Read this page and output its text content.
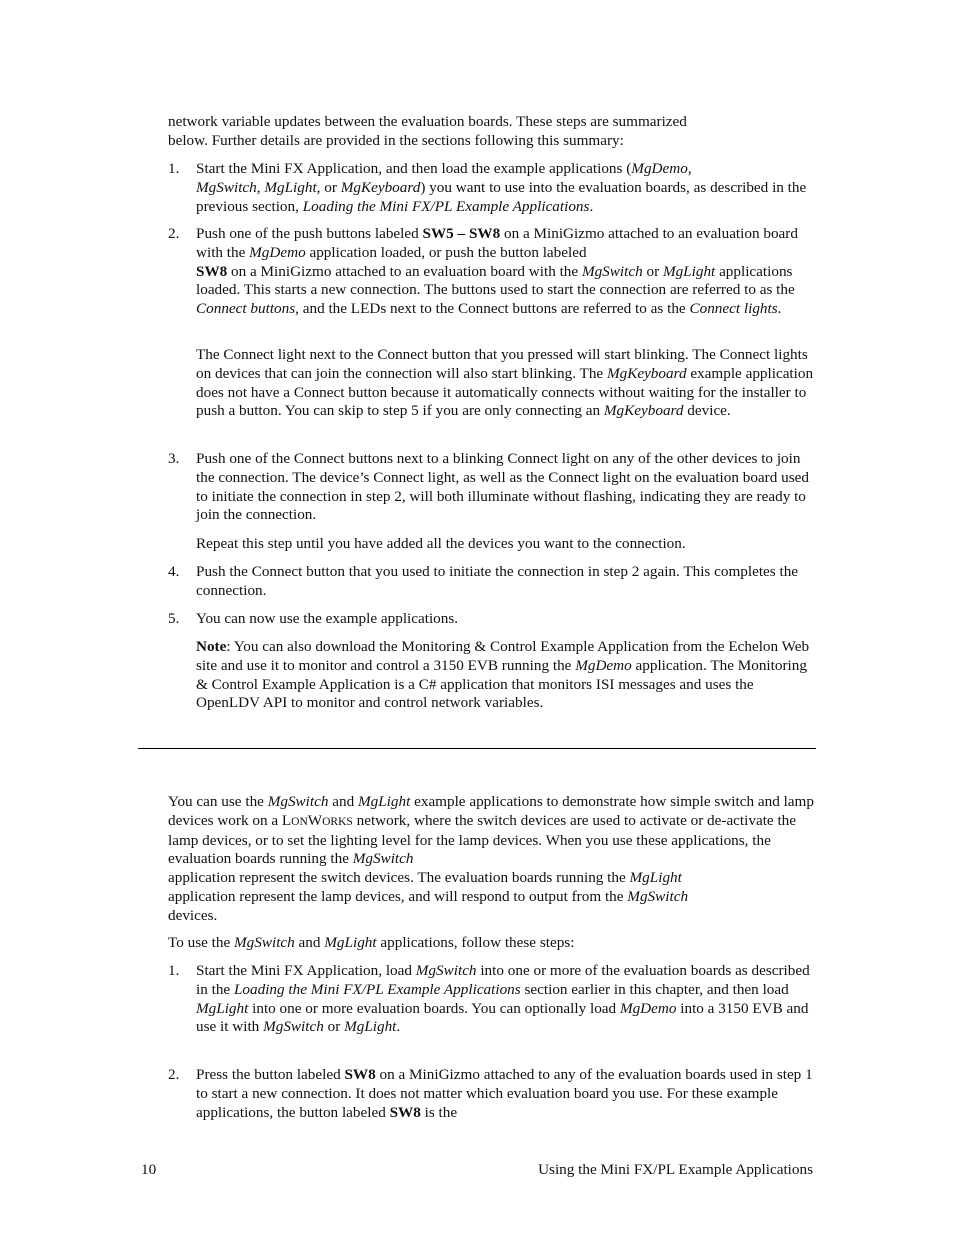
network variable updates between the evaluation boards. These steps are summarized
below. Further details are provided in the sections following this summary:

1. Start the Mini FX Application, and then load the example applications (MgDemo,
MgSwitch, MgLight, or MgKeyboard) you want to use into the evaluation boards, as described in the previous section, Loading the Mini FX/PL Example Applications.

2. Push one of the push buttons labeled SW5 – SW8 on a MiniGizmo attached to an evaluation board with the MgDemo application loaded, or push the button labeled
SW8 on a MiniGizmo attached to an evaluation board with the MgSwitch or MgLight applications loaded. This starts a new connection. The buttons used to start the connection are referred to as the Connect buttons, and the LEDs next to the Connect buttons are referred to as the Connect lights.

The Connect light next to the Connect button that you pressed will start blinking. The Connect lights on devices that can join the connection will also start blinking. The MgKeyboard example application does not have a Connect button because it automatically connects without waiting for the installer to push a button. You can skip to step 5 if you are only connecting an MgKeyboard device.

3. Push one of the Connect buttons next to a blinking Connect light on any of the other devices to join the connection. The device’s Connect light, as well as the Connect light on the evaluation board used to initiate the connection in step 2, will both illuminate without flashing, indicating they are ready to join the connection.

Repeat this step until you have added all the devices you want to the connection.

4. Push the Connect button that you used to initiate the connection in step 2 again. This completes the connection.

5. You can now use the example applications.

Note: You can also download the Monitoring & Control Example Application from the Echelon Web site and use it to monitor and control a 3150 EVB running the MgDemo application. The Monitoring & Control Example Application is a C# application that monitors ISI messages and uses the OpenLDV API to monitor and control network variables.

You can use the MgSwitch and MgLight example applications to demonstrate how simple switch and lamp devices work on a LONWORKS network, where the switch devices are used to activate or de-activate the lamp devices, or to set the lighting level for the lamp devices. When you use these applications, the evaluation boards running the MgSwitch
application represent the switch devices. The evaluation boards running the MgLight
application represent the lamp devices, and will respond to output from the MgSwitch
devices.

To use the MgSwitch and MgLight applications, follow these steps:

1. Start the Mini FX Application, load MgSwitch into one or more of the evaluation boards as described in the Loading the Mini FX/PL Example Applications section earlier in this chapter, and then load MgLight into one or more evaluation boards. You can optionally load MgDemo into a 3150 EVB and use it with MgSwitch or MgLight.

2. Press the button labeled SW8 on a MiniGizmo attached to any of the evaluation boards used in step 1 to start a new connection. It does not matter which evaluation board you use. For these example applications, the button labeled SW8 is the

10	Using the Mini FX/PL Example Applications
